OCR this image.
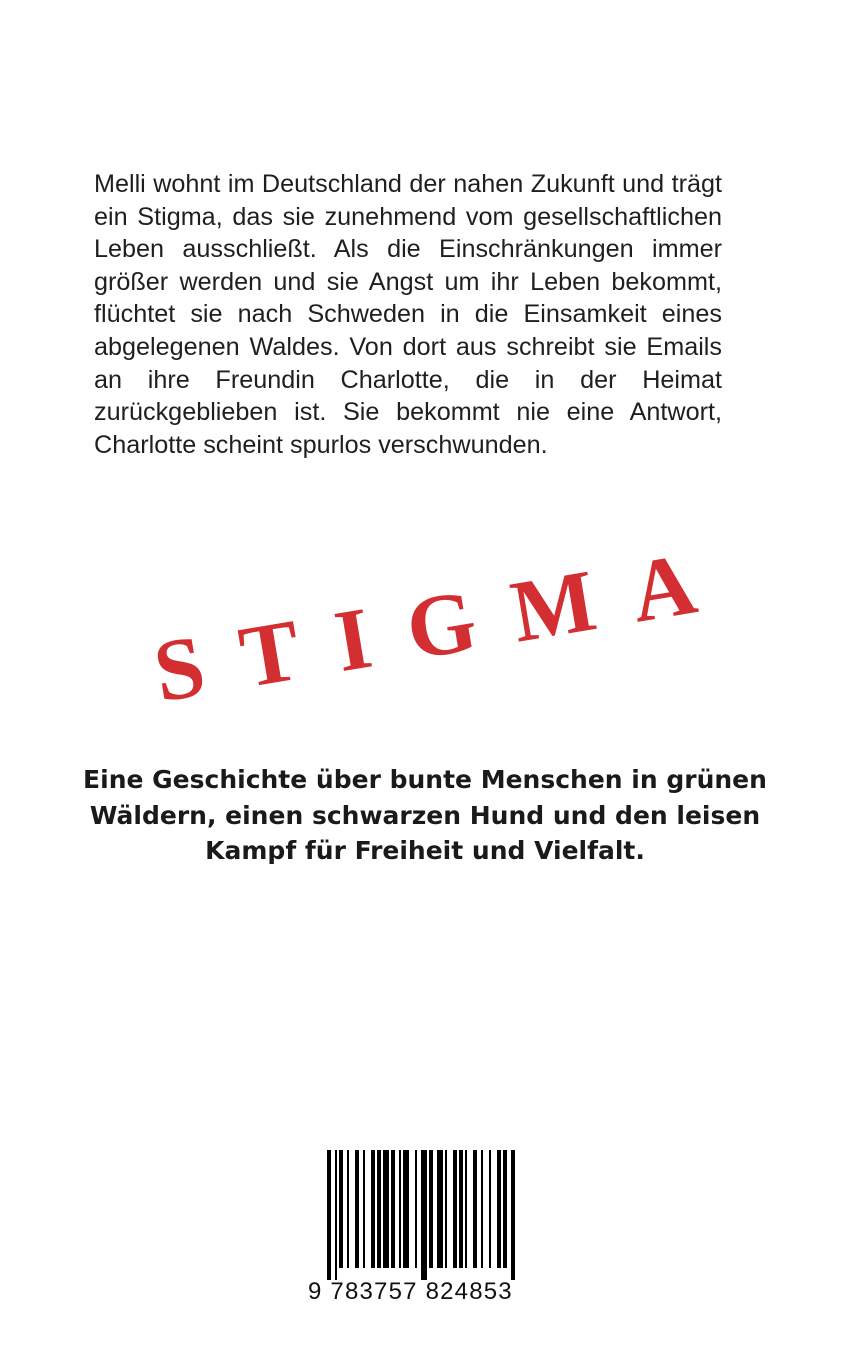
Melli wohnt im Deutschland der nahen Zukunft und trägt ein Stigma, das sie zunehmend vom gesellschaftlichen Leben ausschließt. Als die Einschränkungen immer größer werden und sie Angst um ihr Leben bekommt, flüchtet sie nach Schweden in die Einsamkeit eines abgelegenen Waldes. Von dort aus schreibt sie Emails an ihre Freundin Charlotte, die in der Heimat zurückgeblieben ist. Sie bekommt nie eine Antwort, Charlotte scheint spurlos verschwunden.

STIGMA

Eine Geschichte über bunte Menschen in grünen Wäldern, einen schwarzen Hund und den leisen Kampf für Freiheit und Vielfalt.

9 783757 824853
